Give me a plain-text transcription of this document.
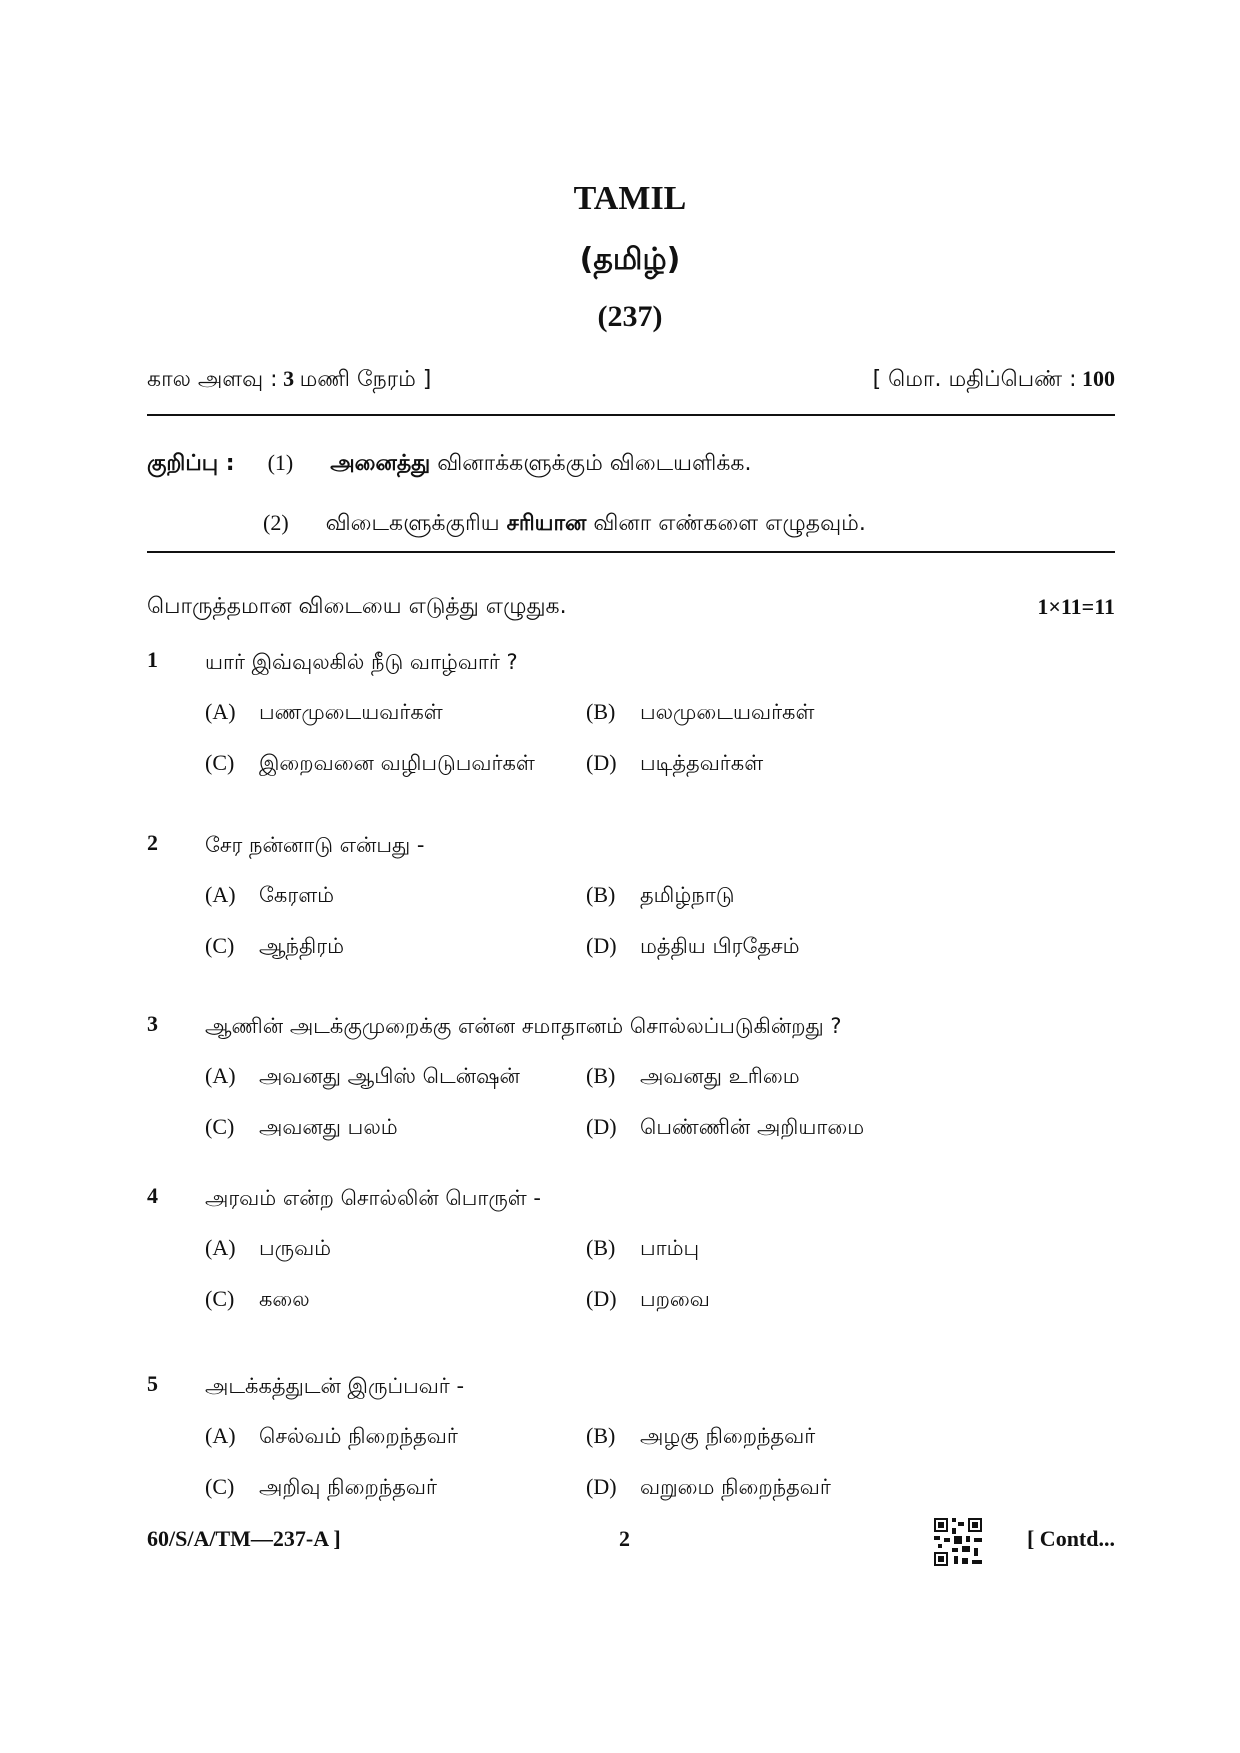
TAMIL
(தமிழ்)
(237)
கால அளவு : 3 மணி நேரம் ]	[ மொ. மதிப்பெண் : 100
குறிப்பு : (1) அனைத்து வினாக்களுக்கும் விடையளிக்க.
(2) விடைகளுக்குரிய சரியான வினா எண்களை எழுதவும்.
பொருத்தமான விடையை எடுத்து எழுதுக.	1×11=11
1 யார் இவ்வுலகில் நீடு வாழ்வார் ?
(A) பணமுடையவர்கள்	(B) பலமுடையவர்கள்
(C) இறைவனை வழிபடுபவர்கள் (D) படித்தவர்கள்
2 சேர நன்னாடு என்பது -
(A) கேரளம்	(B) தமிழ்நாடு
(C) ஆந்திரம்	(D) மத்திய பிரதேசம்
3 ஆணின் அடக்குமுறைக்கு என்ன சமாதானம் சொல்லப்படுகின்றது ?
(A) அவனது ஆபிஸ் டென்ஷன்	(B) அவனது உரிமை
(C) அவனது பலம்	(D) பெண்ணின் அறியாமை
4 அரவம் என்ற சொல்லின் பொருள் -
(A) பருவம்	(B) பாம்பு
(C) கலை	(D) பறவை
5 அடக்கத்துடன் இருப்பவர் -
(A) செல்வம் நிறைந்தவர்	(B) அழகு நிறைந்தவர்
(C) அறிவு நிறைந்தவர்	(D) வறுமை நிறைந்தவர்
60/S/A/TM—237-A ]	2	[ Contd...
